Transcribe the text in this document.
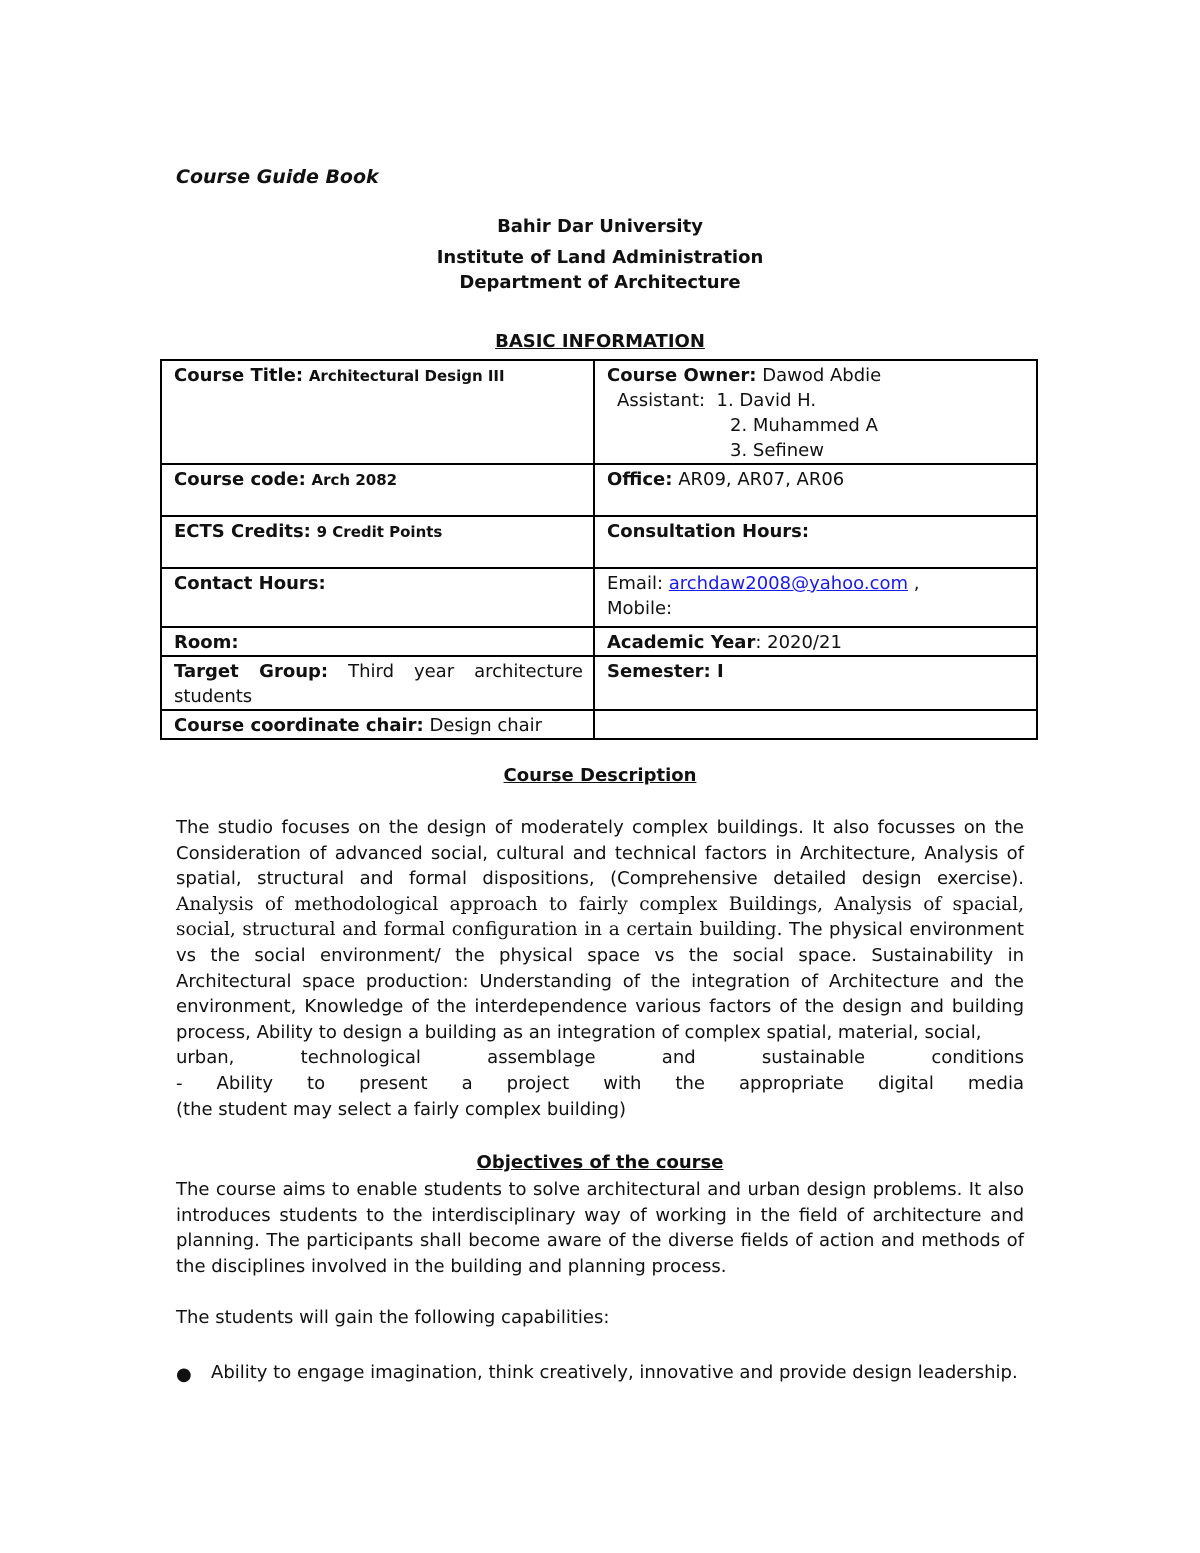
Course Guide Book
Bahir Dar University
Institute of Land Administration
Department of Architecture
BASIC INFORMATION
Course Title: Architectural Design III	Course Owner: Dawod Abdie
Assistant: 1. David H.
2. Muhammed A
3. Sefinew

Course code: Arch 2082	Office: AR09, AR07, AR06
ECTS Credits: 9 Credit Points	Consultation Hours:
Contact Hours:	Email: archdaw2008@yahoo.com ,
Mobile:

Room:	Academic Year: 2020/21

Target Group: Third year architecture
students	Semester: I
Course coordinate chair: Design chair	
Course Description
The studio focuses on the design of moderately complex buildings. It also focusses on the Consideration of advanced social, cultural and technical factors in Architecture, Analysis of spatial, structural and formal dispositions, (Comprehensive detailed design exercise). Analysis of methodological approach to fairly complex Buildings, Analysis of spacial, social, structural and formal configuration in a certain building. The physical environment vs the social environment/ the physical space vs the social space. Sustainability in Architectural space production: Understanding of the integration of Architecture and the environment, Knowledge of the interdependence various factors of the design and building process, Ability to design a building as an integration of complex spatial, material, social,
urban, technological assemblage and sustainable conditions
- Ability to present a project with the appropriate digital media
(the student may select a fairly complex building)
Objectives of the course

The course aims to enable students to solve architectural and urban design problems. It also introduces students to the interdisciplinary way of working in the field of architecture and planning. The participants shall become aware of the diverse fields of action and methods of the disciplines involved in the building and planning process.

The students will gain the following capabilities:

● Ability to engage imagination, think creatively, innovative and provide design leadership.
